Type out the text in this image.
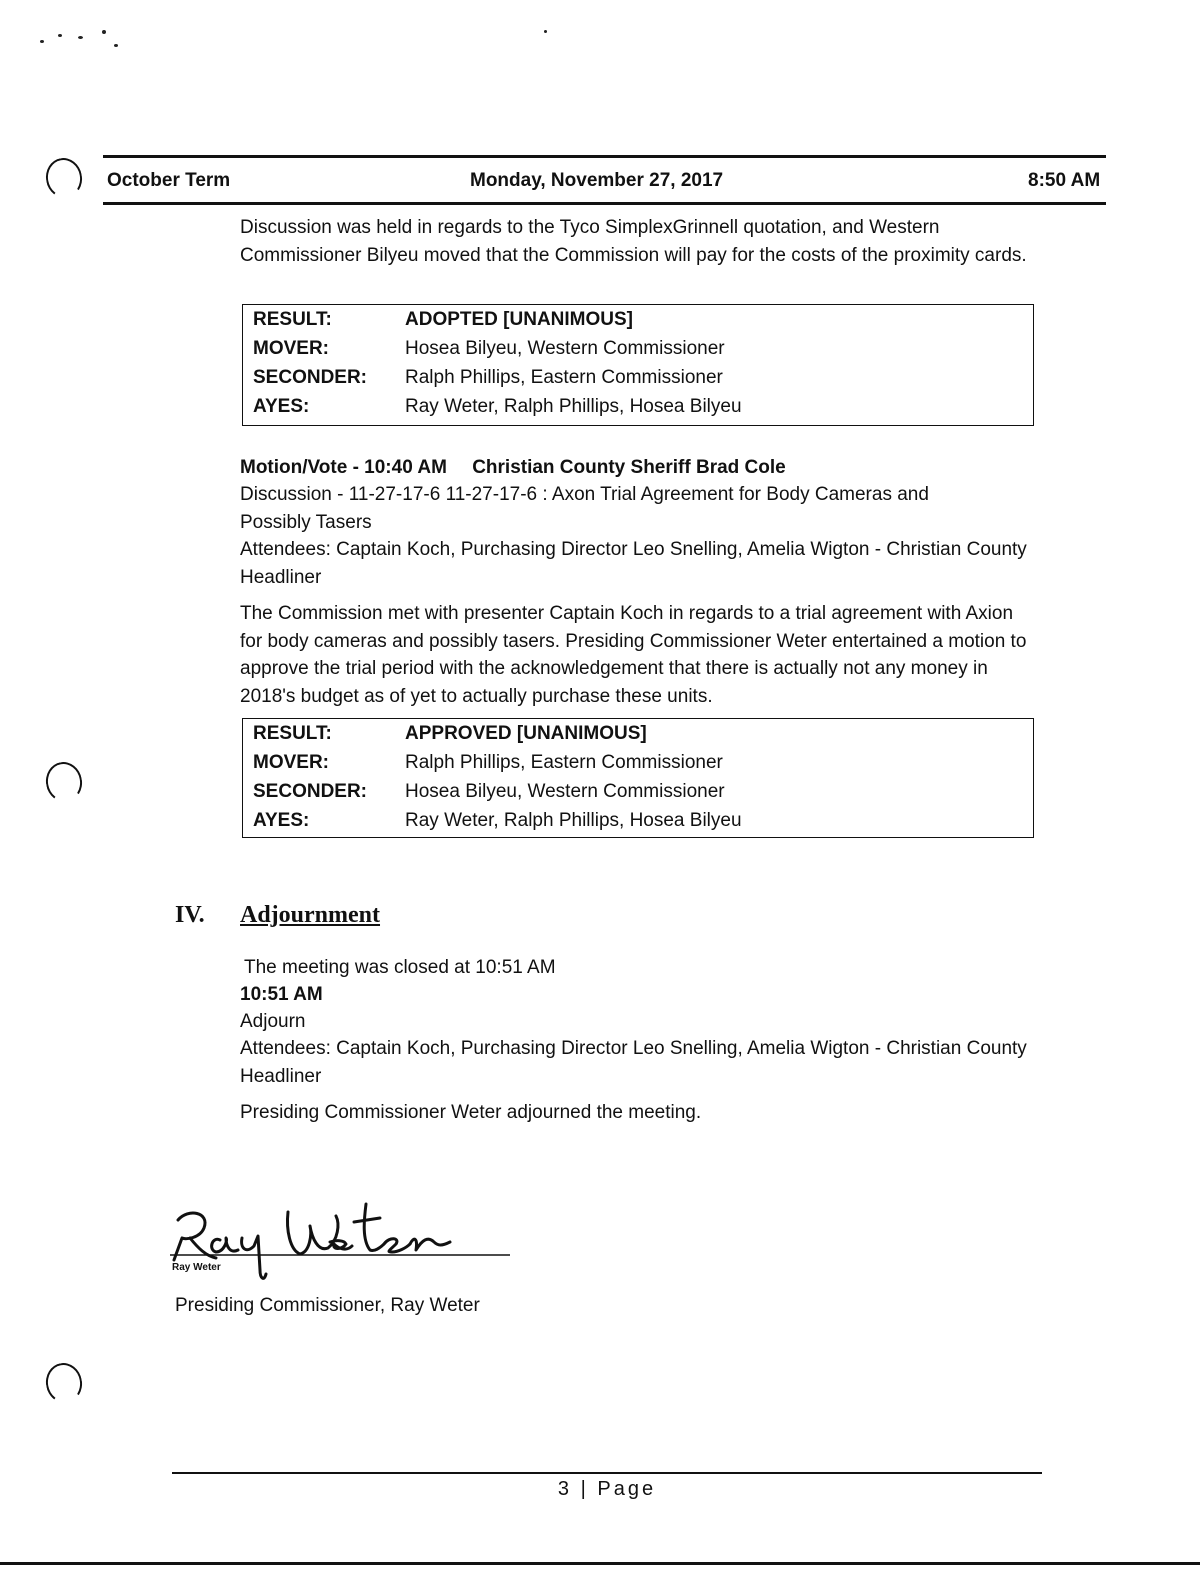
October Term	Monday, November 27, 2017	8:50 AM
Discussion was held in regards to the Tyco SimplexGrinnell quotation, and Western Commissioner Bilyeu moved that the Commission will pay for the costs of the proximity cards.
RESULT:	ADOPTED [UNANIMOUS]
MOVER:	Hosea Bilyeu, Western Commissioner
SECONDER: Ralph Phillips, Eastern Commissioner
AYES:	Ray Weter, Ralph Phillips, Hosea Bilyeu
Motion/Vote - 10:40 AM Christian County Sheriff Brad Cole
Discussion - 11-27-17-6 11-27-17-6 : Axon Trial Agreement for Body Cameras and Possibly Tasers
Attendees: Captain Koch, Purchasing Director Leo Snelling, Amelia Wigton - Christian County Headliner
The Commission met with presenter Captain Koch in regards to a trial agreement with Axion for body cameras and possibly tasers. Presiding Commissioner Weter entertained a motion to approve the trial period with the acknowledgement that there is actually not any money in 2018's budget as of yet to actually purchase these units.
RESULT:	APPROVED [UNANIMOUS]
MOVER:	Ralph Phillips, Eastern Commissioner
SECONDER: Hosea Bilyeu, Western Commissioner
AYES:	Ray Weter, Ralph Phillips, Hosea Bilyeu
IV. Adjournment
The meeting was closed at 10:51 AM
10:51 AM
Adjourn
Attendees: Captain Koch, Purchasing Director Leo Snelling, Amelia Wigton - Christian County Headliner
Presiding Commissioner Weter adjourned the meeting.
Ray Weter
Presiding Commissioner, Ray Weter
3 | Page
